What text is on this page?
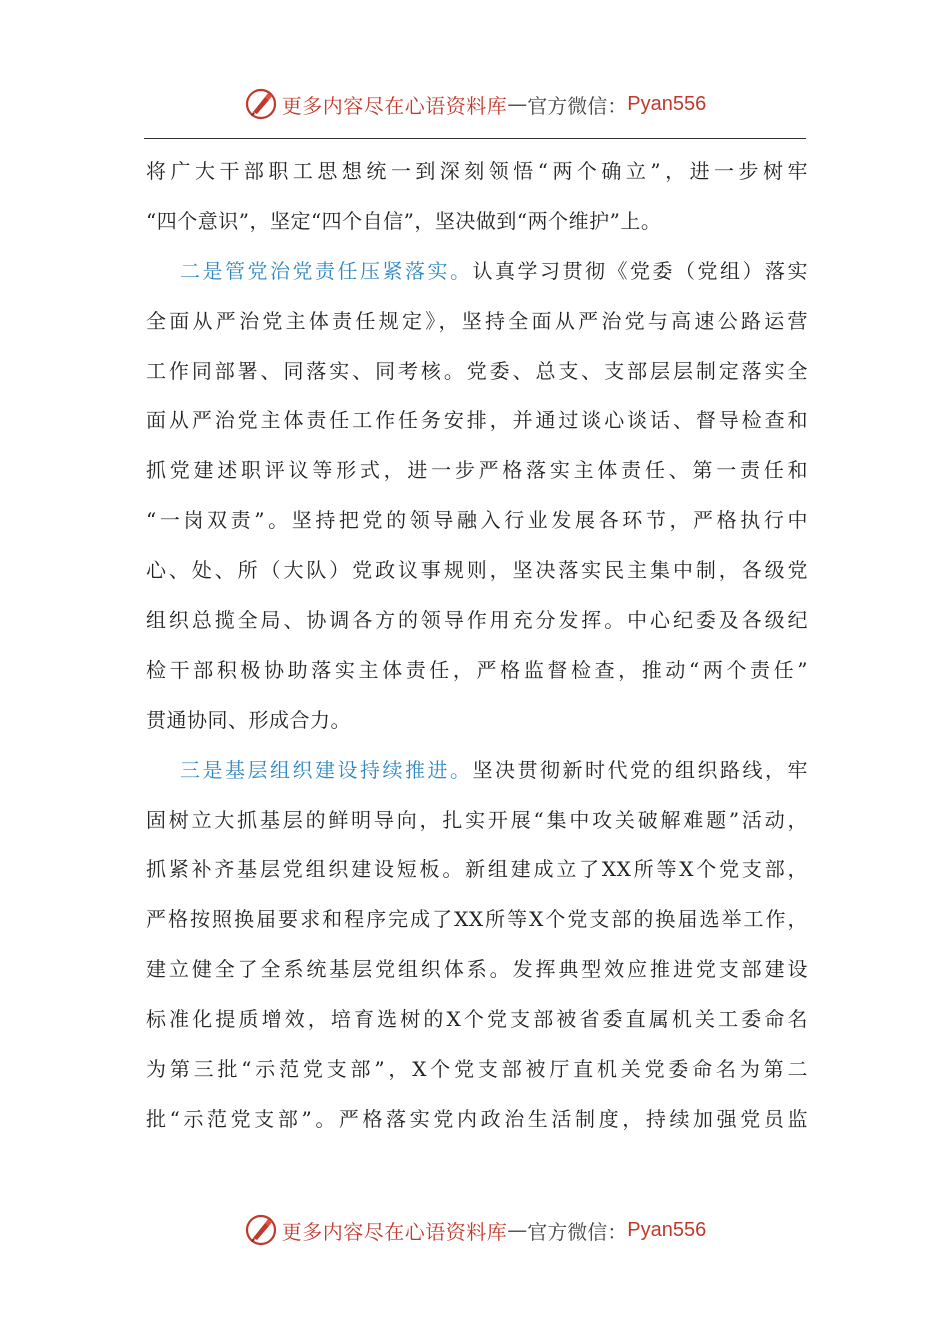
更多内容尽在心语资料库 — 官方微信： Pyan556
将广大干部职工思想统一到深刻领悟“两个确立”，进一步树牢
“四个意识”，坚定“四个自信”，坚决做到“两个维护”上。
二是管党治党责任压紧落实。认真学习贯彻《党委（党组）落实
全面从严治党主体责任规定》，坚持全面从严治党与高速公路运营
工作同部署、同落实、同考核。党委、总支、支部层层制定落实全
面从严治党主体责任工作任务安排，并通过谈心谈话、督导检查和
抓党建述职评议等形式，进一步严格落实主体责任、第一责任和
“一岗双责”。坚持把党的领导融入行业发展各环节，严格执行中
心、处、所（大队）党政议事规则，坚决落实民主集中制，各级党
组织总揽全局、协调各方的领导作用充分发挥。中心纪委及各级纪
检干部积极协助落实主体责任，严格监督检查，推动“两个责任”
贯通协同、形成合力。
三是基层组织建设持续推进。坚决贯彻新时代党的组织路线，牢
固树立大抓基层的鲜明导向，扎实开展“集中攻关破解难题”活动，
抓紧补齐基层党组织建设短板。新组建成立了XX所等X个党支部，
严格按照换届要求和程序完成了XX所等X个党支部的换届选举工作，
建立健全了全系统基层党组织体系。发挥典型效应推进党支部建设
标准化提质增效，培育选树的X个党支部被省委直属机关工委命名
为第三批“示范党支部”，X个党支部被厅直机关党委命名为第二
批“示范党支部”。严格落实党内政治生活制度，持续加强党员监
更多内容尽在心语资料库 — 官方微信： Pyan556
